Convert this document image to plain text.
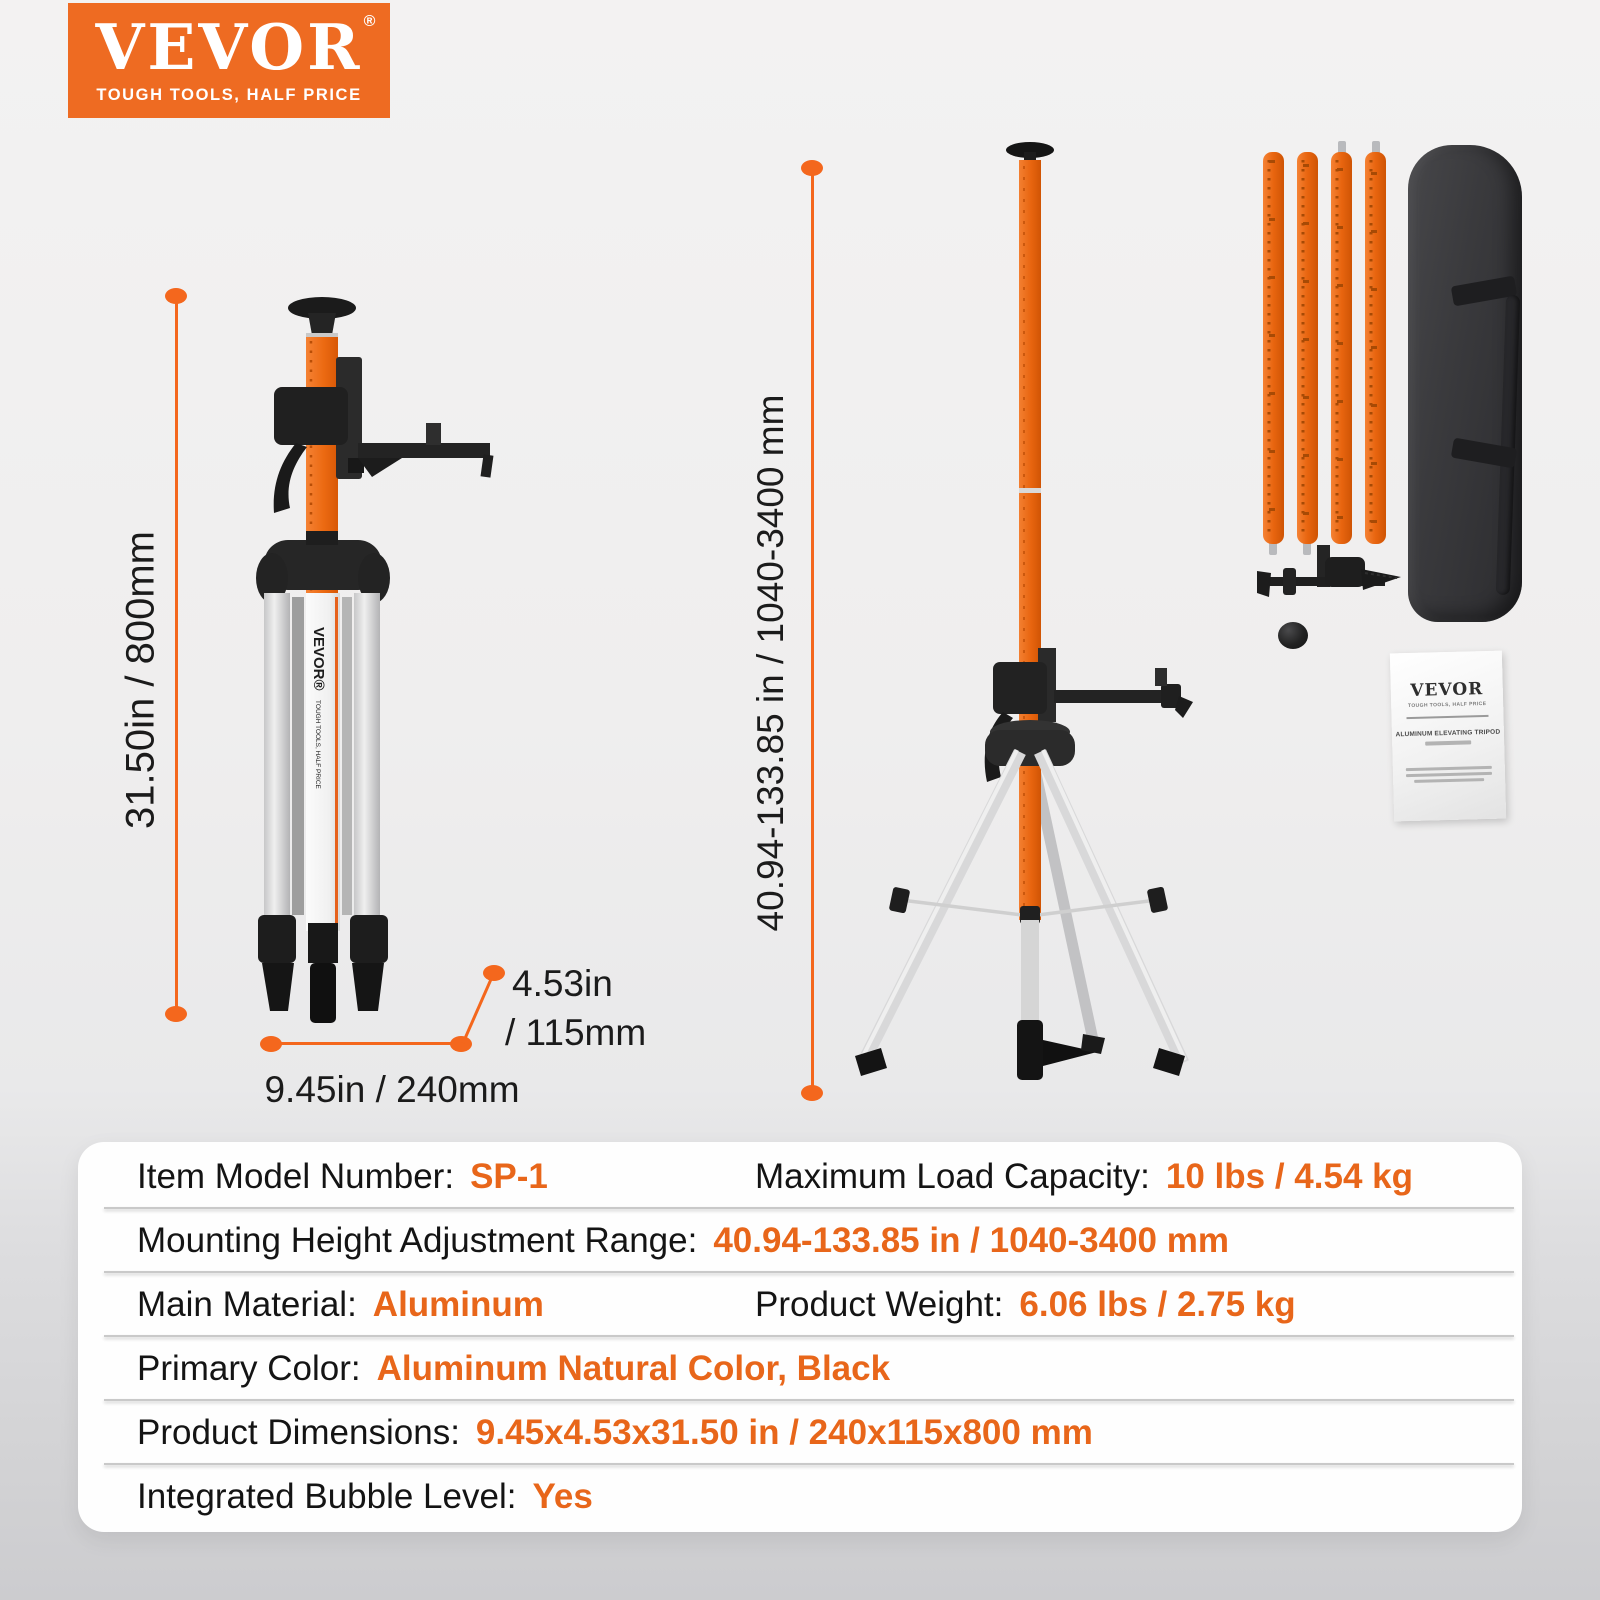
VEVOR ®
TOUGH TOOLS, HALF PRICE
VEVOR® TOUGH TOOLS, HALF PRICE
31.50in / 800mm
9.45in / 240mm
4.53in
/ 115mm
40.94-133.85 in / 1040-3400 mm	VEVOR
TOUGH TOOLS, HALF PRICE
ALUMINUM ELEVATING TRIPOD
Item Model Number: SP-1	Maximum Load Capacity: 10 lbs / 4.54 kg
Mounting Height Adjustment Range: 40.94-133.85 in / 1040-3400 mm
Main Material: Aluminum	Product Weight: 6.06 lbs / 2.75 kg
Primary Color: Aluminum Natural Color, Black
Product Dimensions: 9.45x4.53x31.50 in / 240x115x800 mm
Integrated Bubble Level: Yes
